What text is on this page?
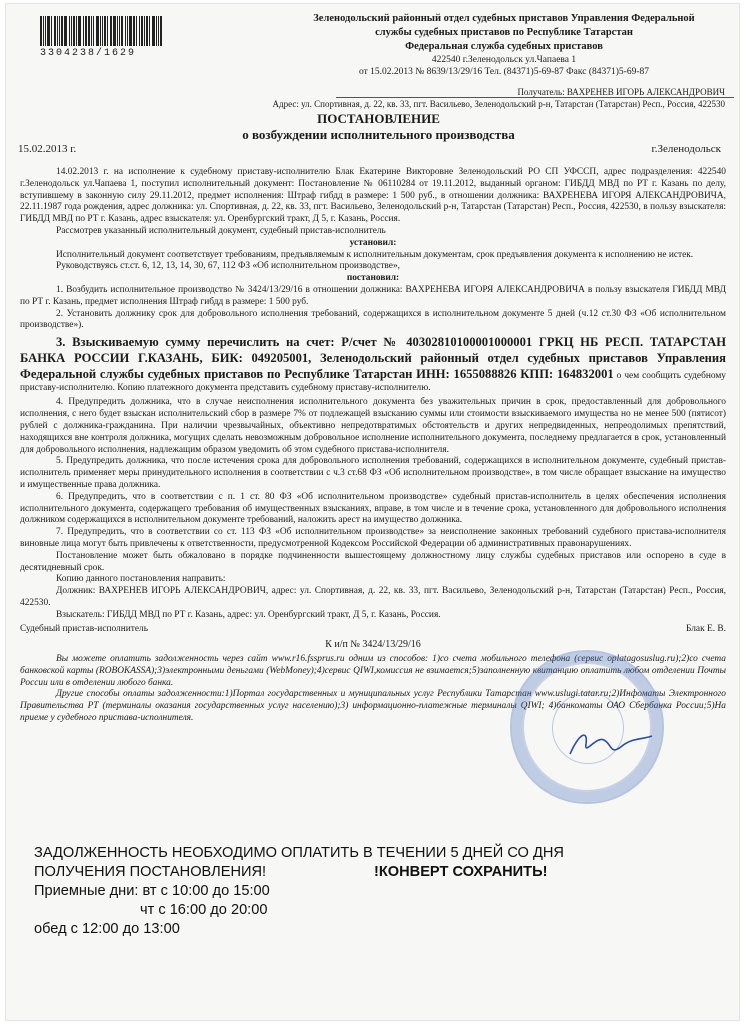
3304238/1629
Зеленодольский районный отдел судебных приставов Управления Федеральной
службы судебных приставов по Республике Татарстан
Федеральная служба судебных приставов
422540 г.Зеленодольск ул.Чапаева 1
от 15.02.2013 № 8639/13/29/16 Тел. (84371)5-69-87 Факс (84371)5-69-87
Получатель: ВАХРЕНЕВ ИГОРЬ АЛЕКСАНДРОВИЧ
Адрес: ул. Спортивная, д. 22, кв. 33, пгт. Васильево, Зеленодольский р-н, Татарстан (Татарстан) Респ., Россия, 422530
ПОСТАНОВЛЕНИЕ
о возбуждении исполнительного производства
15.02.2013 г.	г.Зеленодольск

14.02.2013 г. на исполнение к судебному приставу-исполнителю Блак Екатерине Викторовне Зеленодольский РО СП УФССП, адрес подразделения: 422540 г.Зеленодольск ул.Чапаева 1, поступил исполнительный документ: Постановление № 06110284 от 19.11.2012, выданный органом: ГИБДД МВД по РТ г. Казань по делу, вступившему в законную силу 29.11.2012, предмет исполнения: Штраф гибдд в размере: 1 500 руб., в отношении должника: ВАХРЕНЕВА ИГОРЯ АЛЕКСАНДРОВИЧА, 22.11.1987 года рождения, адрес должника: ул. Спортивная, д. 22, кв. 33, пгт. Васильево, Зеленодольский р-н, Татарстан (Татарстан) Респ., Россия, 422530, в пользу взыскателя: ГИБДД МВД по РТ г. Казань, адрес взыскателя: ул. Оренбургский тракт, Д 5, г. Казань, Россия.

Рассмотрев указанный исполнительный документ, судебный пристав-исполнитель

установил:

Исполнительный документ соответствует требованиям, предъявляемым к исполнительным документам, срок предъявления документа к исполнению не истек.

Руководствуясь ст.ст. 6, 12, 13, 14, 30, 67, 112 ФЗ «Об исполнительном производстве»,

постановил:

1. Возбудить исполнительное производство № 3424/13/29/16 в отношении должника: ВАХРЕНЕВА ИГОРЯ АЛЕКСАНДРОВИЧА в пользу взыскателя ГИБДД МВД по РТ г. Казань, предмет исполнения Штраф гибдд в размере: 1 500 руб.

2. Установить должнику срок для добровольного исполнения требований, содержащихся в исполнительном документе 5 дней (ч.12 ст.30 ФЗ «Об исполнительном производстве»).

3. Взыскиваемую сумму перечислить на счет: Р/счет № 40302810100001000001 ГРКЦ НБ РЕСП. ТАТАРСТАН БАНКА РОССИИ Г.КАЗАНЬ, БИК: 049205001, Зеленодольский районный отдел судебных приставов Управления Федеральной службы судебных приставов по Республике Татарстан ИНН: 1655088826 КПП: 164832001 о чем сообщить судебному приставу-исполнителю. Копию платежного документа представить судебному приставу-исполнителю.

4. Предупредить должника, что в случае неисполнения исполнительного документа без уважительных причин в срок, предоставленный для добровольного исполнения, с него будет взыскан исполнительский сбор в размере 7% от подлежащей взысканию суммы или стоимости взыскиваемого имущества но не менее 500 (пятисот) рублей с должника-гражданина. При наличии чрезвычайных, объективно непредотвратимых обстоятельств и других непредвиденных, непреодолимых препятствий, находящихся вне контроля должника, могущих сделать невозможным добровольное исполнение исполнительного документа, последнему предлагается в срок, установленный для добровольного исполнения, надлежащим образом уведомить об этом судебного пристава-исполнителя.

5. Предупредить должника, что после истечения срока для добровольного исполнения требований, содержащихся в исполнительном документе, судебный пристав-исполнитель применяет меры принудительного исполнения в соответствии с ч.3 ст.68 ФЗ «Об исполнительном производстве», в том числе обращает взыскание на имущество и имущественные права должника.

6. Предупредить, что в соответствии с п. 1 ст. 80 ФЗ «Об исполнительном производстве» судебный пристав-исполнитель в целях обеспечения исполнения исполнительного документа, содержащего требования об имущественных взысканиях, вправе, в том числе и в течение срока, установленного для добровольного исполнения должником содержащихся в исполнительном документе требований, наложить арест на имущество должника.

7. Предупредить, что в соответствии со ст. 113 ФЗ «Об исполнительном производстве» за неисполнение законных требований судебного пристава-исполнителя виновные лица могут быть привлечены к ответственности, предусмотренной Кодексом Российской Федерации об административных правонарушениях.

Постановление может быть обжаловано в порядке подчиненности вышестоящему должностному лицу службы судебных приставов или оспорено в суде в десятидневный срок.

Копию данного постановления направить:

Должник: ВАХРЕНЕВ ИГОРЬ АЛЕКСАНДРОВИЧ, адрес: ул. Спортивная, д. 22, кв. 33, пгт. Васильево, Зеленодольский р-н, Татарстан (Татарстан) Респ., Россия, 422530.

Взыскатель: ГИБДД МВД по РТ г. Казань, адрес: ул. Оренбургский тракт, Д 5, г. Казань, Россия.

Судебный пристав-исполнитель	Блак Е. В.

К и/п № 3424/13/29/16

Вы можете оплатить задолженность через сайт www.r16.fssprus.ru одним из способов: 1)со счета мобильного телефона (сервис oplatagosuslug.ru);2)со счета банковской карты (ROBOKASSA);3)электронными деньгами (WebMoney);4)сервис QIWI,комиссия не взимается;5)заполненную квитанцию оплатить любом отделении Почты России или в отделении любого банка.

Другие способы оплаты задолженности:1)Портал государственных и муниципальных услуг Республики Татарстан www.uslugi.tatar.ru;2)Инфоматы Электронного Правительства РТ (терминалы оказания государственных услуг населению);3) информационно-платежные терминалы QIWI; 4)банкоматы ОАО Сбербанка России;5)На приеме у судебного пристава-исполнителя.

ЗАДОЛЖЕННОСТЬ НЕОБХОДИМО ОПЛАТИТЬ В ТЕЧЕНИИ 5 ДНЕЙ СО ДНЯ
ПОЛУЧЕНИЯ ПОСТАНОВЛЕНИЯ!	!КОНВЕРТ СОХРАНИТЬ!
Приемные дни: вт с 10:00 до 15:00
чт с 16:00 до 20:00
обед с 12:00 до 13:00
